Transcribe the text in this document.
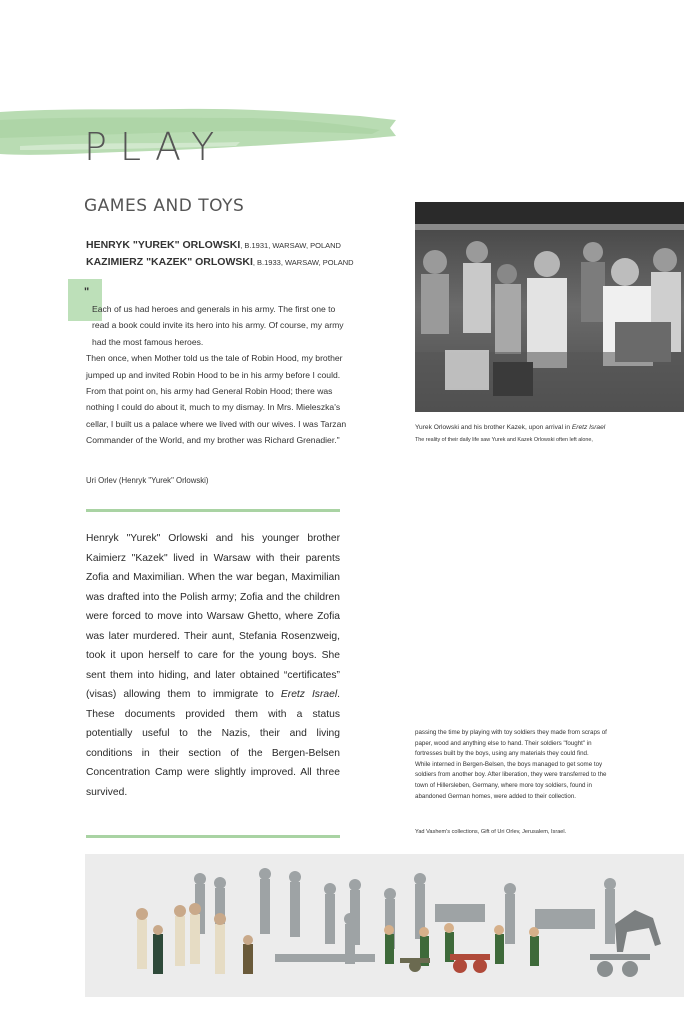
PLAY
GAMES AND TOYS
HENRYK "YUREK" ORLOWSKI, B.1931, WARSAW, POLAND
KAZIMIERZ "KAZEK" ORLOWSKI, B.1933, WARSAW, POLAND
"

Each of us had heroes and generals in his army. The first one to read a book could invite its hero into his army. Of course, my army had the most famous heroes.

Then once, when Mother told us the tale of Robin Hood, my brother jumped up and invited Robin Hood to be in his army before I could. From that point on, his army had General Robin Hood; there was nothing I could do about it, much to my dismay. In Mrs. Mieleszka's cellar, I built us a palace where we lived with our wives. I was Tarzan Commander of the World, and my brother was Richard Grenadier."

Uri Orlev (Henryk "Yurek" Orlowski)

Henryk "Yurek" Orlowski and his younger brother Kaimierz "Kazek" lived in Warsaw with their parents Zofia and Maximilian. When the war began, Maximilian was drafted into the Polish army; Zofia and the children were forced to move into Warsaw Ghetto, where Zofia was later murdered. Their aunt, Stefania Rosenzweig, took it upon herself to care for the young boys. She sent them into hiding, and later obtained “certificates” (visas) allowing them to immigrate to Eretz Israel. These documents provided them with a status potentially useful to the Nazis, their and living conditions in their section of the Bergen-Belsen Concentration Camp were slightly improved. All three survived.

Yurek Orlowski and his brother Kazek, upon arrival in Eretz Israel
The reality of their daily life saw Yurek and Kazek Orlowski often left alone,

passing the time by playing with toy soldiers they made from scraps of paper, wood and anything else to hand. Their soldiers "fought" in fortresses built by the boys, using any materials they could find.

While interned in Bergen-Belsen, the boys managed to get some toy soldiers from another boy. After liberation, they were transferred to the town of Hillersleben, Germany, where more toy soldiers, found in abandoned German homes, were added to their collection.

Yad Vashem's collections, Gift of Uri Orlev, Jerusalem, Israel.
